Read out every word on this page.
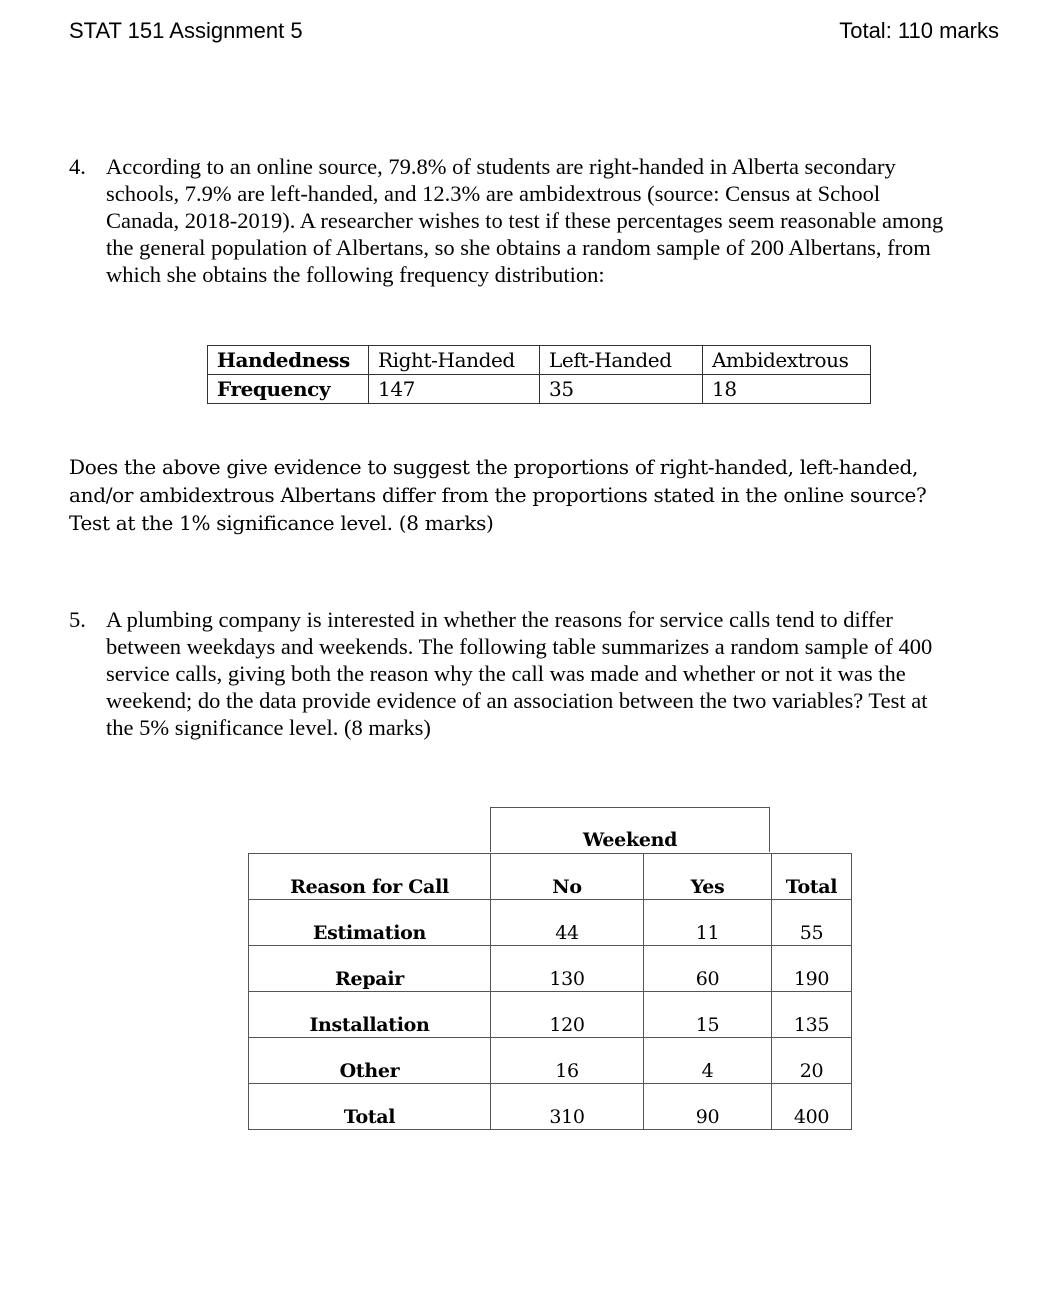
STAT 151 Assignment 5	Total: 110 marks
4. According to an online source, 79.8% of students are right-handed in Alberta secondary
schools, 7.9% are left-handed, and 12.3% are ambidextrous (source: Census at School
Canada, 2018-2019). A researcher wishes to test if these percentages seem reasonable among
the general population of Albertans, so she obtains a random sample of 200 Albertans, from
which she obtains the following frequency distribution:
Handedness	Right-Handed	Left-Handed	Ambidextrous
Frequency	147	35	18
Does the above give evidence to suggest the proportions of right-handed, left-handed,
and/or ambidextrous Albertans differ from the proportions stated in the online source?
Test at the 1% significance level. (8 marks)
5. A plumbing company is interested in whether the reasons for service calls tend to differ
between weekdays and weekends. The following table summarizes a random sample of 400
service calls, giving both the reason why the call was made and whether or not it was the
weekend; do the data provide evidence of an association between the two variables? Test at
the 5% significance level. (8 marks)
Weekend
Reason for Call	No	Yes	Total
Estimation	44	11	55
Repair	130	60	190
Installation	120	15	135
Other	16	4	20
Total	310	90	400
